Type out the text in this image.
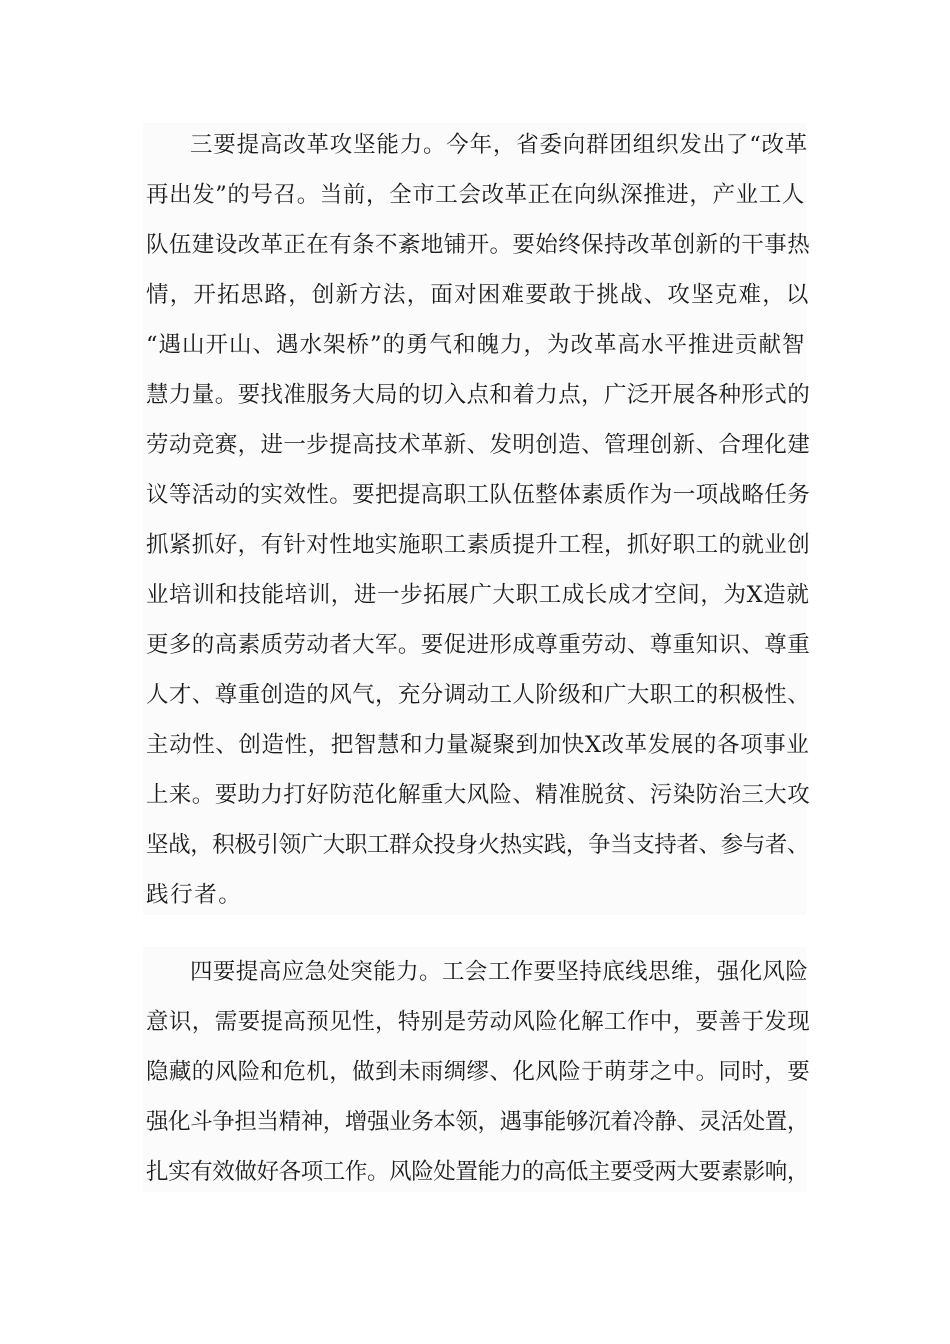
三要提高改革攻坚能力。今年，省委向群团组织发出了“改革
再出发”的号召。当前，全市工会改革正在向纵深推进，产业工人
队伍建设改革正在有条不紊地铺开。要始终保持改革创新的干事热
情，开拓思路，创新方法，面对困难要敢于挑战、攻坚克难，以
“遇山开山、遇水架桥”的勇气和魄力，为改革高水平推进贡献智
慧力量。要找准服务大局的切入点和着力点，广泛开展各种形式的
劳动竞赛，进一步提高技术革新、发明创造、管理创新、合理化建
议等活动的实效性。要把提高职工队伍整体素质作为一项战略任务
抓紧抓好，有针对性地实施职工素质提升工程，抓好职工的就业创
业培训和技能培训，进一步拓展广大职工成长成才空间，为X造就
更多的高素质劳动者大军。要促进形成尊重劳动、尊重知识、尊重
人才、尊重创造的风气，充分调动工人阶级和广大职工的积极性、
主动性、创造性，把智慧和力量凝聚到加快X改革发展的各项事业
上来。要助力打好防范化解重大风险、精准脱贫、污染防治三大攻
坚战，积极引领广大职工群众投身火热实践，争当支持者、参与者、
践行者。
四要提高应急处突能力。工会工作要坚持底线思维，强化风险
意识，需要提高预见性，特别是劳动风险化解工作中，要善于发现
隐藏的风险和危机，做到未雨绸缪、化风险于萌芽之中。同时，要
强化斗争担当精神，增强业务本领，遇事能够沉着冷静、灵活处置，
扎实有效做好各项工作。风险处置能力的高低主要受两大要素影响，
